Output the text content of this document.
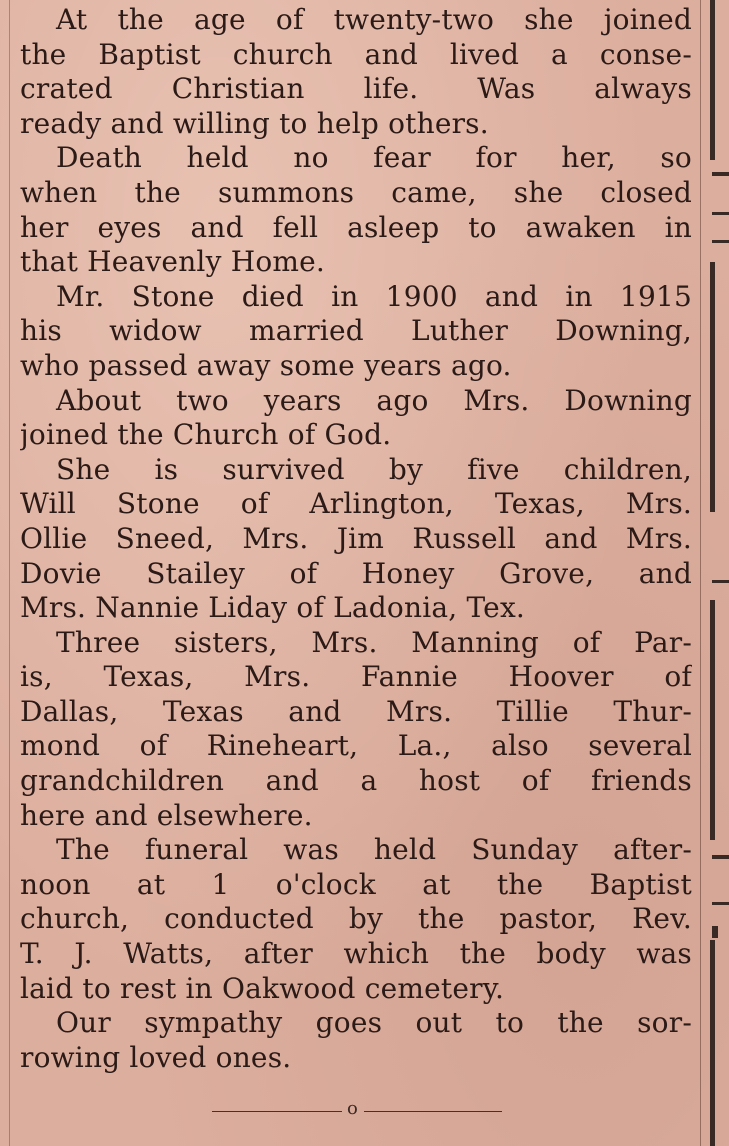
At the age of twenty-two she joined
the Baptist church and lived a conse-
crated Christian life. Was always
ready and willing to help others.
Death held no fear for her, so
when the summons came, she closed
her eyes and fell asleep to awaken in
that Heavenly Home.
Mr. Stone died in 1900 and in 1915
his widow married Luther Downing,
who passed away some years ago.
About two years ago Mrs. Downing
joined the Church of God.
She is survived by five children,
Will Stone of Arlington, Texas, Mrs.
Ollie Sneed, Mrs. Jim Russell and Mrs.
Dovie Stailey of Honey Grove, and
Mrs. Nannie Liday of Ladonia, Tex.
Three sisters, Mrs. Manning of Par-
is, Texas, Mrs. Fannie Hoover of
Dallas, Texas and Mrs. Tillie Thur-
mond of Rineheart, La., also several
grandchildren and a host of friends
here and elsewhere.
The funeral was held Sunday after-
noon at 1 o'clock at the Baptist
church, conducted by the pastor, Rev.
T. J. Watts, after which the body was
laid to rest in Oakwood cemetery.
Our sympathy goes out to the sor-
rowing loved ones.
o
